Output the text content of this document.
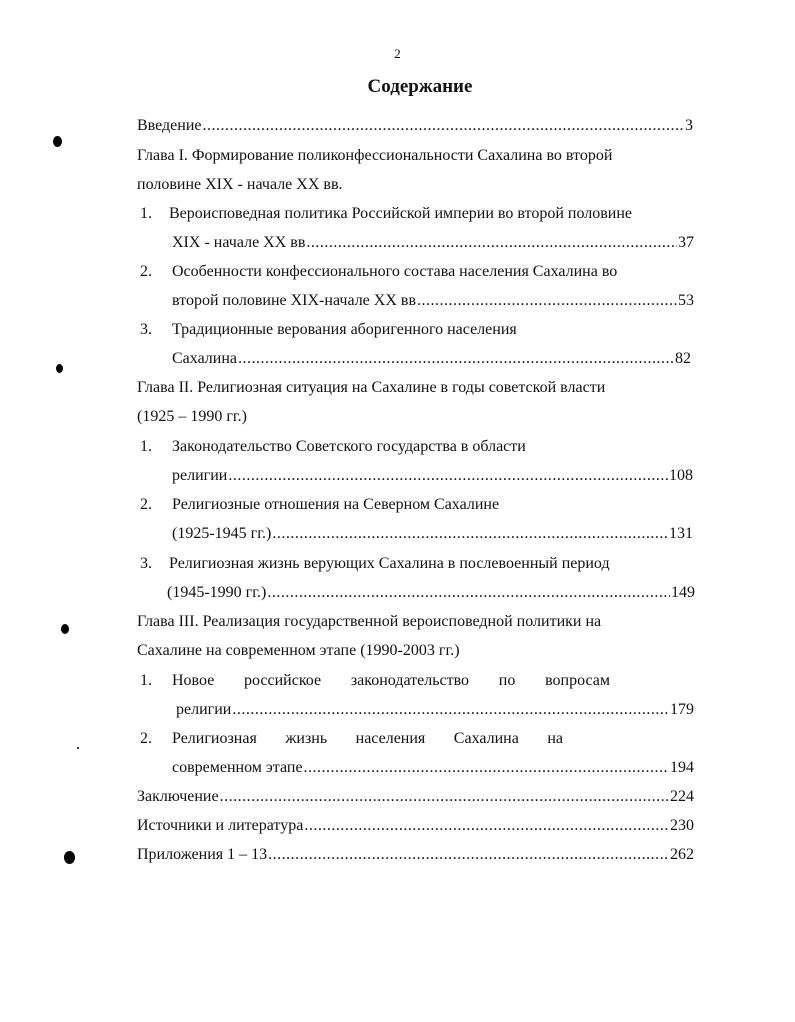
2
Содержание
Введение .....	3
Глава I. Формирование поликонфессиональности Сахалина во второй
половине XIX - начале XX вв.
1. Вероисповедная политика Российской империи во второй половине
XIX - начале XX вв .....	37
2. Особенности конфессионального состава населения Сахалина во
второй половине XIX-начале XX вв .....	53
3. Традиционные верования аборигенного населения
Сахалина .....	82
Глава II. Религиозная ситуация на Сахалине в годы советской власти
(1925 – 1990 гг.)
1. Законодательство Советского государства в области
религии .....	108
2. Религиозные отношения на Северном Сахалине
(1925-1945 гг.) .....	131
3. Религиозная жизнь верующих Сахалина в послевоенный период
(1945-1990 гг.) .....	149
Глава III. Реализация государственной вероисповедной политики на
Сахалине на современном этапе (1990-2003 гг.)
1. Новое российское законодательство по вопросам
религии .....	179
2. Религиозная жизнь населения Сахалина на
современном этапе .....	194
Заключение .....	224
Источники и литература .....	230
Приложения 1 – 13 .....	262
